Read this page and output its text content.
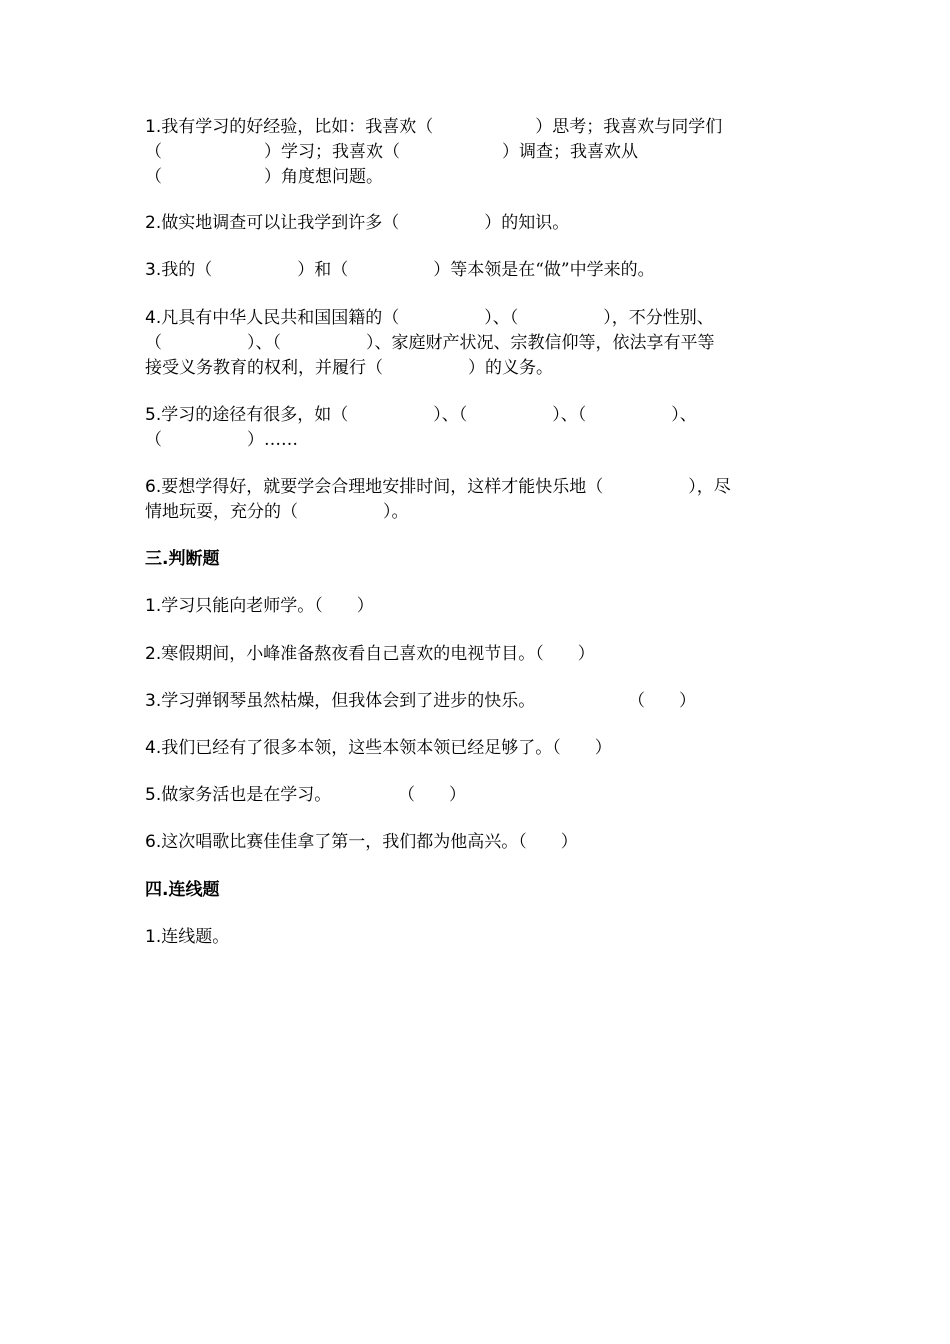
1.我有学习的好经验，比如：我喜欢（　　　　　　）思考；我喜欢与同学们
（　　　　　　）学习；我喜欢（　　　　　　）调查；我喜欢从
（　　　　　　）角度想问题。
2.做实地调查可以让我学到许多（　　　　　）的知识。
3.我的（　　　　　）和（　　　　　）等本领是在“做”中学来的。
4.凡具有中华人民共和国国籍的（　　　　　）、（　　　　　），不分性别、
（　　　　　）、（　　　　　）、家庭财产状况、宗教信仰等，依法享有平等
接受义务教育的权利，并履行（　　　　　）的义务。
5.学习的途径有很多，如（　　　　　）、（　　　　　）、（　　　　　）、
（　　　　　）……
6.要想学得好，就要学会合理地安排时间，这样才能快乐地（　　　　　），尽
情地玩耍，充分的（　　　　　）。
三.判断题
1.学习只能向老师学。（　　）
2.寒假期间，小峰准备熬夜看自己喜欢的电视节目。（　　）
3.学习弹钢琴虽然枯燥，但我体会到了进步的快乐。	（　　）
4.我们已经有了很多本领，这些本领本领已经足够了。（　　）
5.做家务活也是在学习。	（　　）
6.这次唱歌比赛佳佳拿了第一，我们都为他高兴。（　　）
四.连线题
1.连线题。
